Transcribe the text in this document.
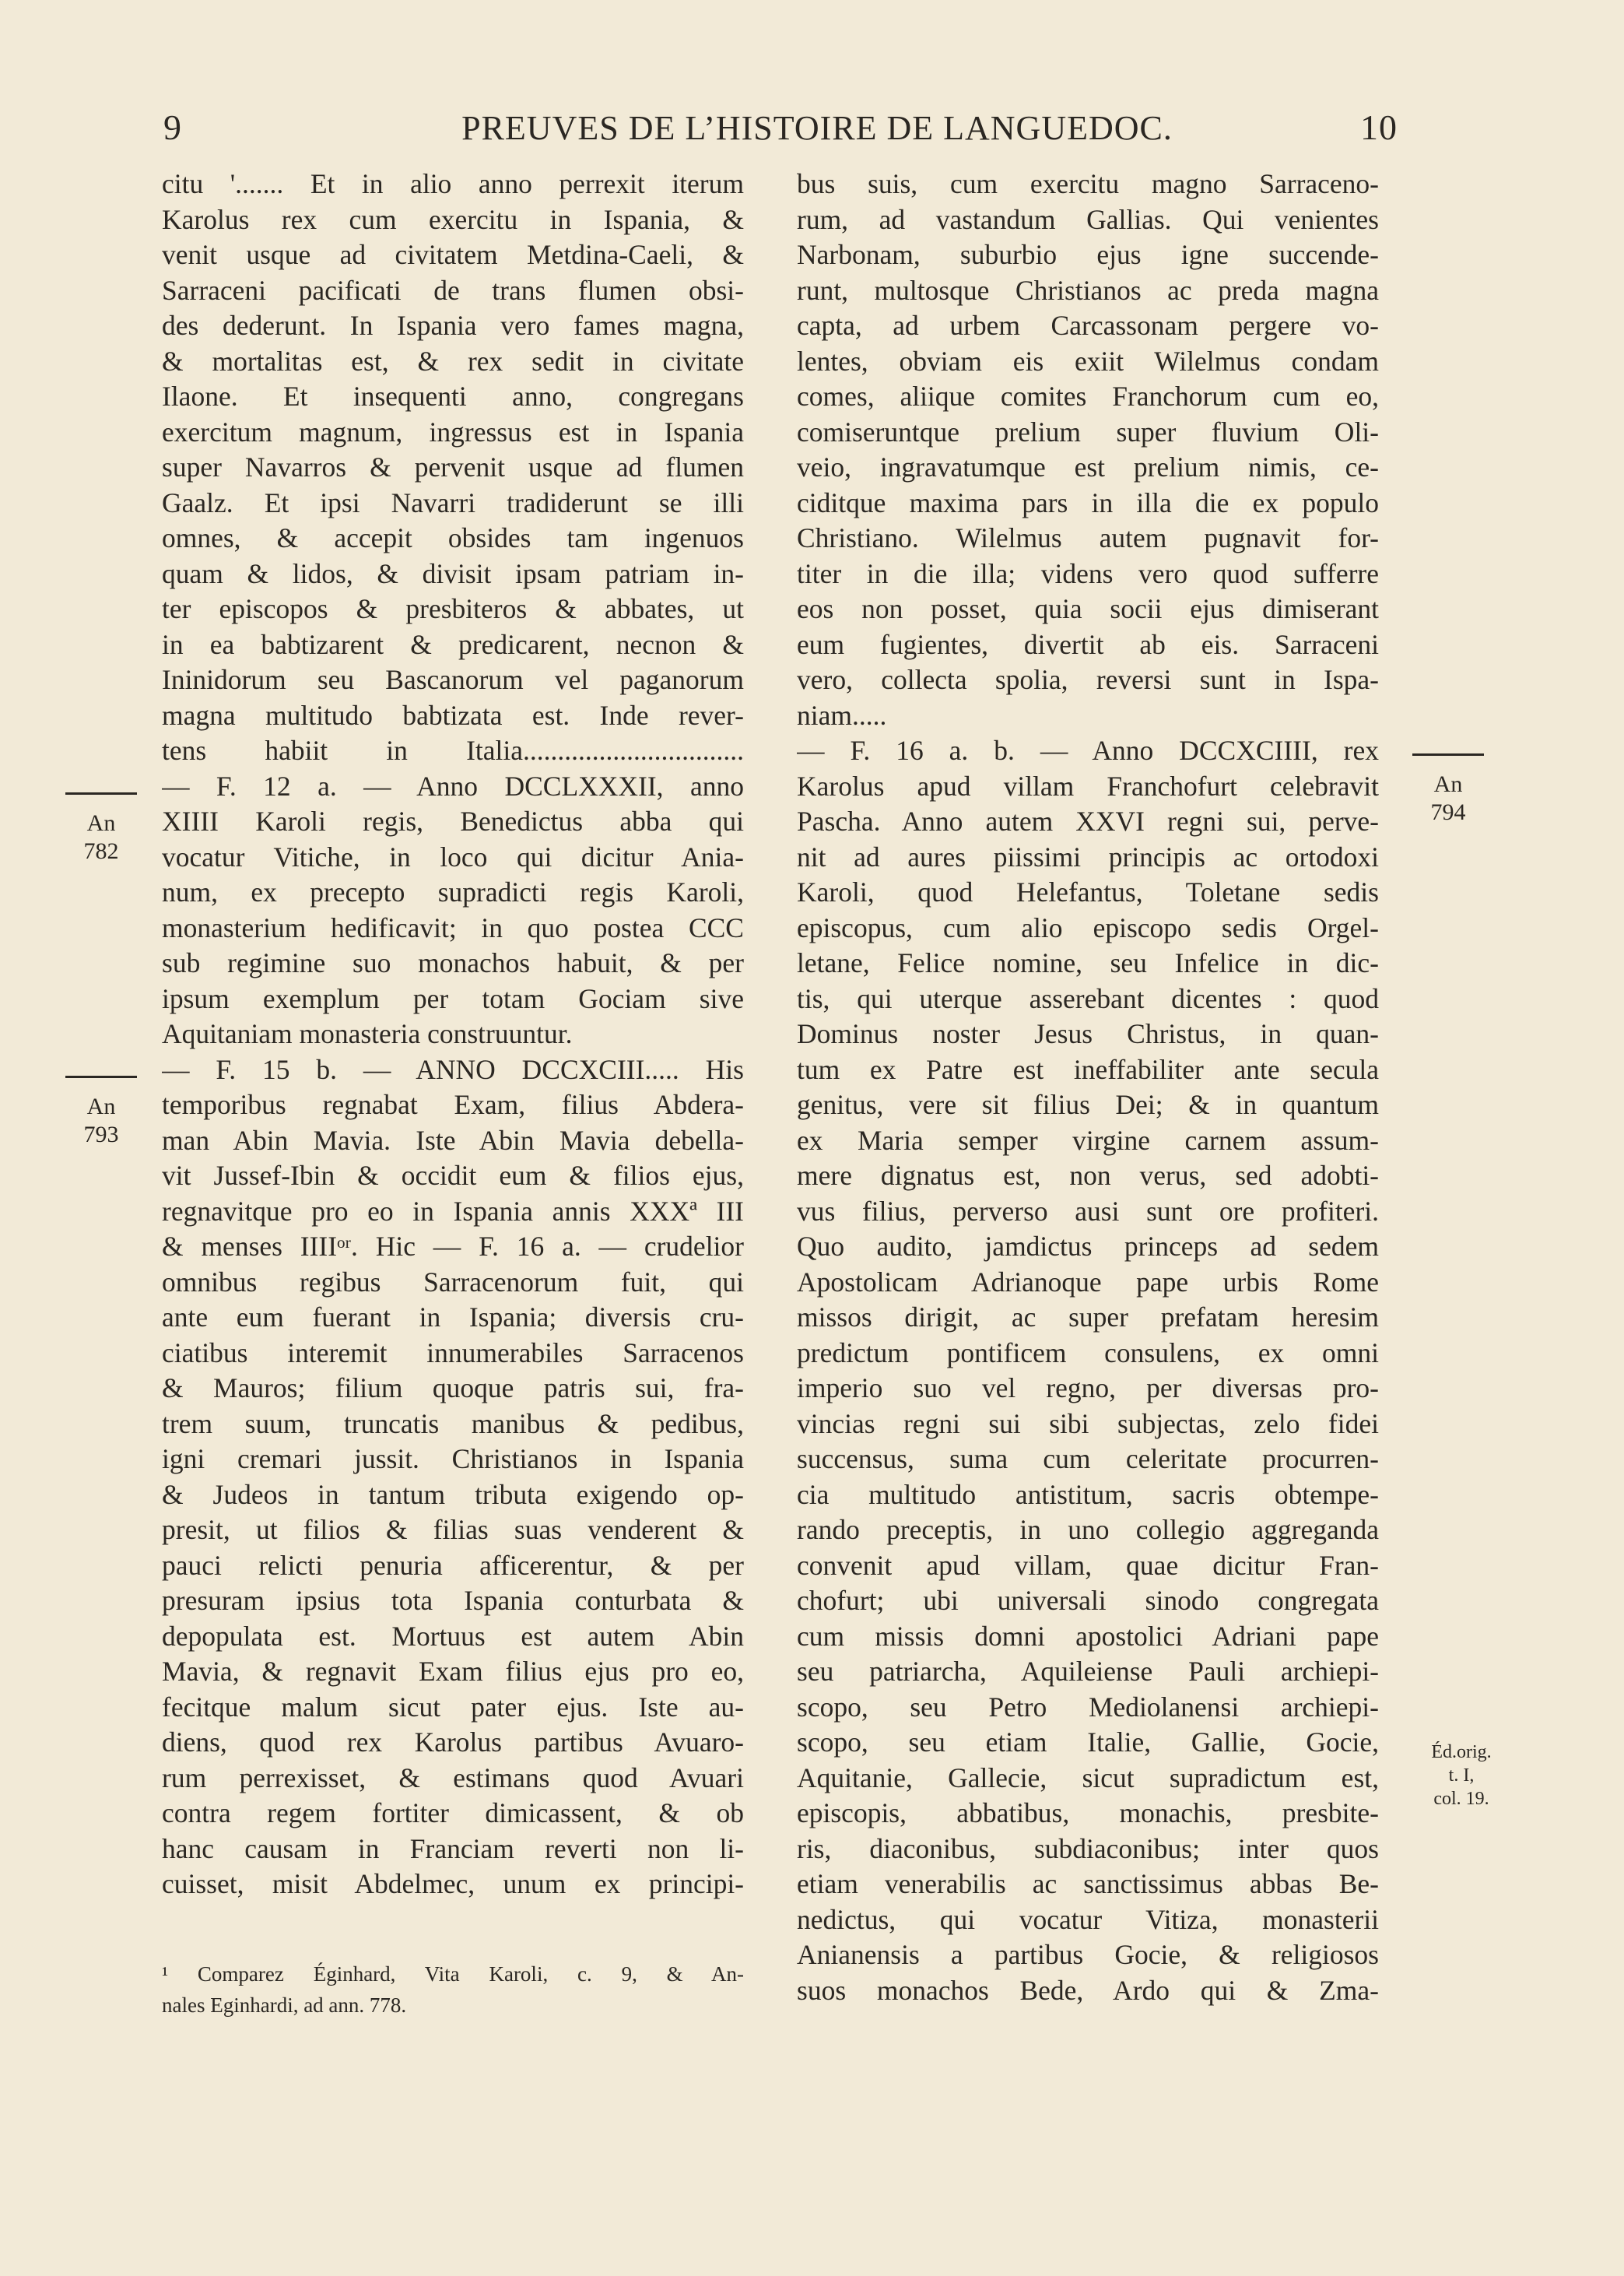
9	PREUVES DE L’HISTOIRE DE LANGUEDOC.	10
citu '....... Et in alio anno perrexit iterum
Karolus rex cum exercitu in Ispania, &
venit usque ad civitatem Metdina-Caeli, &
Sarraceni pacificati de trans flumen obsi-
des dederunt. In Ispania vero fames magna,
& mortalitas est, & rex sedit in civitate
Ilaone. Et insequenti anno, congregans
exercitum magnum, ingressus est in Ispania
super Navarros & pervenit usque ad flumen
Gaalz. Et ipsi Navarri tradiderunt se illi
omnes, & accepit obsides tam ingenuos
quam & lidos, & divisit ipsam patriam in-
ter episcopos & presbiteros & abbates, ut
in ea babtizarent & predicarent, necnon &
Ininidorum seu Bascanorum vel paganorum
magna multitudo babtizata est. Inde rever-
tens habiit in Italia................................
— F. 12 a. — Anno DCCLXXXII, anno
XIIII Karoli regis, Benedictus abba qui
vocatur Vitiche, in loco qui dicitur Ania-
num, ex precepto supradicti regis Karoli,
monasterium hedificavit; in quo postea CCC
sub regimine suo monachos habuit, & per
ipsum exemplum per totam Gociam sive
Aquitaniam monasteria construuntur.
— F. 15 b. — ANNO DCCXCIII..... His
temporibus regnabat Exam, filius Abdera-
man Abin Mavia. Iste Abin Mavia debella-
vit Jussef-Ibin & occidit eum & filios ejus,
regnavitque pro eo in Ispania annis XXXª III
& menses IIIIᵒʳ. Hic — F. 16 a. — crudelior
omnibus regibus Sarracenorum fuit, qui
ante eum fuerant in Ispania; diversis cru-
ciatibus interemit innumerabiles Sarracenos
& Mauros; filium quoque patris sui, fra-
trem suum, truncatis manibus & pedibus,
igni cremari jussit. Christianos in Ispania
& Judeos in tantum tributa exigendo op-
presit, ut filios & filias suas venderent &
pauci relicti penuria afficerentur, & per
presuram ipsius tota Ispania conturbata &
depopulata est. Mortuus est autem Abin
Mavia, & regnavit Exam filius ejus pro eo,
fecitque malum sicut pater ejus. Iste au-
diens, quod rex Karolus partibus Avuaro-
rum perrexisset, & estimans quod Avuari
contra regem fortiter dimicassent, & ob
hanc causam in Franciam reverti non li-
cuisset, misit Abdelmec, unum ex principi-
bus suis, cum exercitu magno Sarraceno-
rum, ad vastandum Gallias. Qui venientes
Narbonam, suburbio ejus igne succende-
runt, multosque Christianos ac preda magna
capta, ad urbem Carcassonam pergere vo-
lentes, obviam eis exiit Wilelmus condam
comes, aliique comites Franchorum cum eo,
comiseruntque prelium super fluvium Oli-
veio, ingravatumque est prelium nimis, ce-
ciditque maxima pars in illa die ex populo
Christiano. Wilelmus autem pugnavit for-
titer in die illa; videns vero quod sufferre
eos non posset, quia socii ejus dimiserant
eum fugientes, divertit ab eis. Sarraceni
vero, collecta spolia, reversi sunt in Ispa-
niam.....
— F. 16 a. b. — Anno DCCXCIIII, rex
Karolus apud villam Franchofurt celebravit
Pascha. Anno autem XXVI regni sui, perve-
nit ad aures piissimi principis ac ortodoxi
Karoli, quod Helefantus, Toletane sedis
episcopus, cum alio episcopo sedis Orgel-
letane, Felice nomine, seu Infelice in dic-
tis, qui uterque asserebant dicentes : quod
Dominus noster Jesus Christus, in quan-
tum ex Patre est ineffabiliter ante secula
genitus, vere sit filius Dei; & in quantum
ex Maria semper virgine carnem assum-
mere dignatus est, non verus, sed adobti-
vus filius, perverso ausi sunt ore profiteri.
Quo audito, jamdictus princeps ad sedem
Apostolicam Adrianoque pape urbis Rome
missos dirigit, ac super prefatam heresim
predictum pontificem consulens, ex omni
imperio suo vel regno, per diversas pro-
vincias regni sui sibi subjectas, zelo fidei
succensus, suma cum celeritate procurren-
cia multitudo antistitum, sacris obtempe-
rando preceptis, in uno collegio aggreganda
convenit apud villam, quae dicitur Fran-
chofurt; ubi universali sinodo congregata
cum missis domni apostolici Adriani pape
seu patriarcha, Aquileiense Pauli archiepi-
scopo, seu Petro Mediolanensi archiepi-
scopo, seu etiam Italie, Gallie, Gocie,
Aquitanie, Gallecie, sicut supradictum est,
episcopis, abbatibus, monachis, presbite-
ris, diaconibus, subdiaconibus; inter quos
etiam venerabilis ac sanctissimus abbas Be-
nedictus, qui vocatur Vitiza, monasterii
Anianensis a partibus Gocie, & religiosos
suos monachos Bede, Ardo qui & Zma-
¹ Comparez Éginhard, Vita Karoli, c. 9, & An-
nales Eginhardi, ad ann. 778.
An
782
An
793
An
794
Éd.orig.
t. I,
col. 19.
